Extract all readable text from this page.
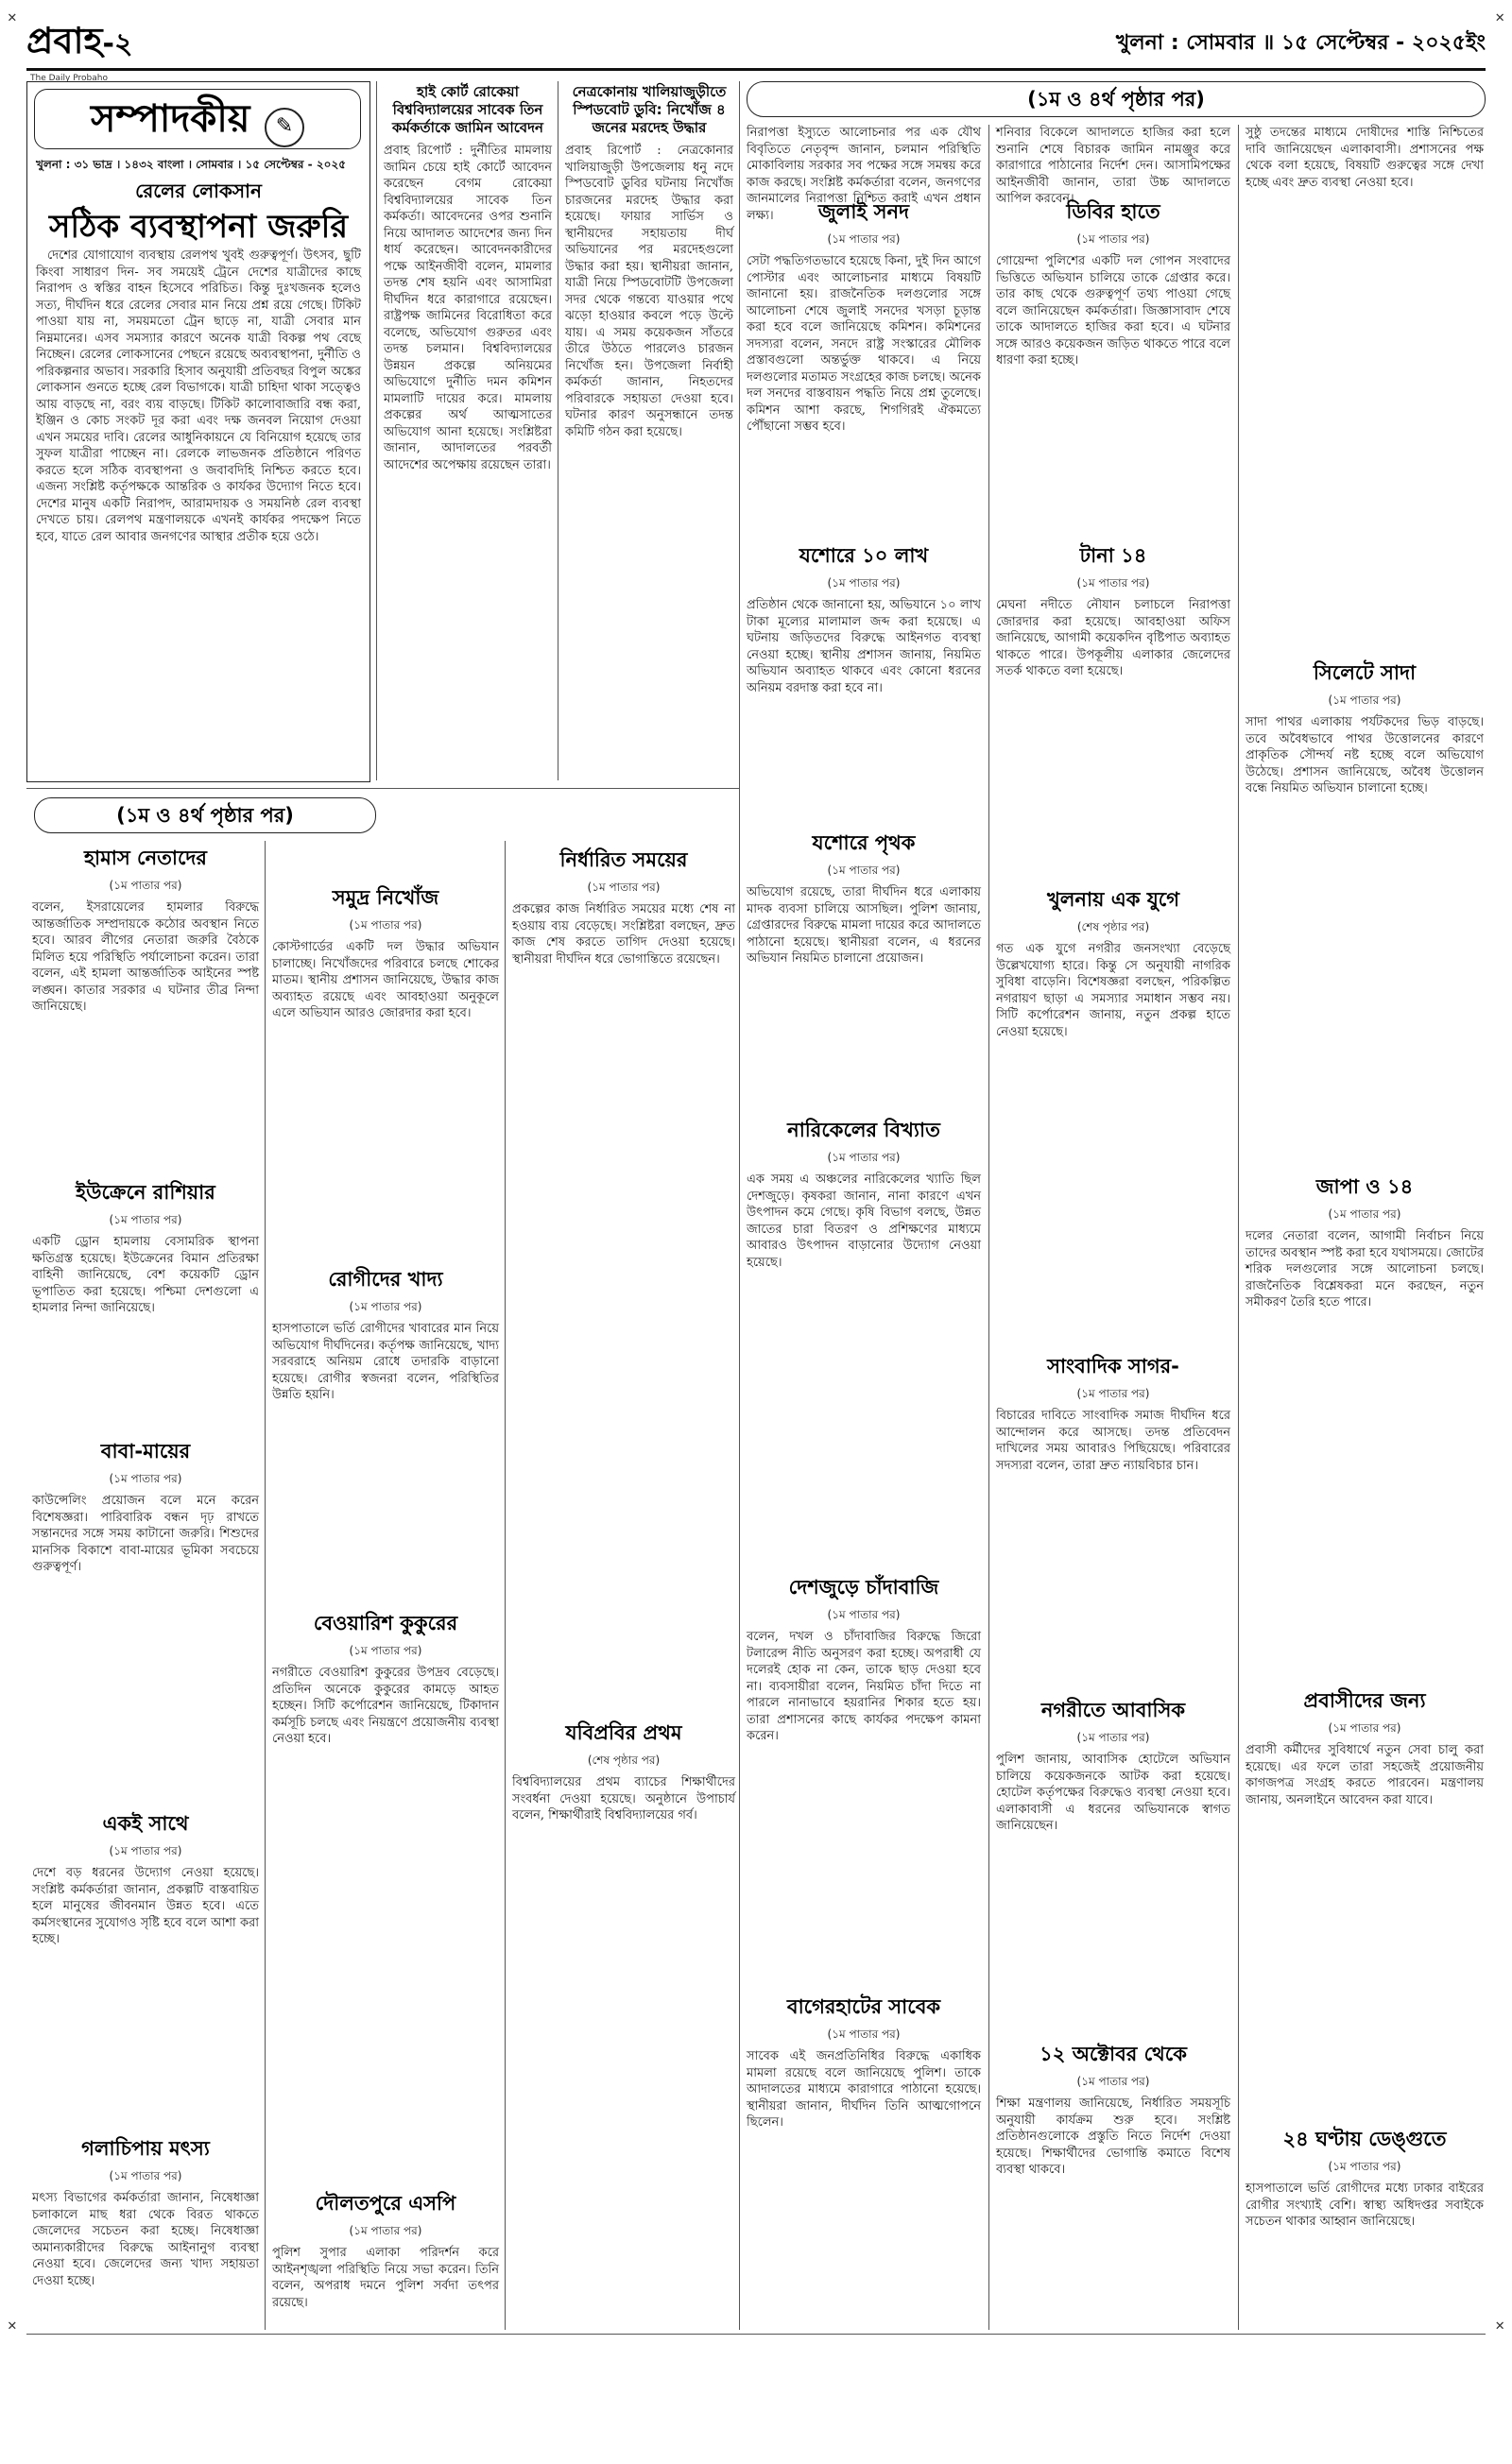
✕	✕
✕	✕
প্রবাহ-২
The Daily Probaho
খুলনা : সোমবার ॥ ১৫ সেপ্টেম্বর - ২০২৫ইং
সম্পাদকীয় ✎
খুলনা : ৩১ ভাদ্র । ১৪৩২ বাংলা । সোমবার । ১৫ সেপ্টেম্বর - ২০২৫
রেলের লোকসান
সঠিক ব্যবস্থাপনা জরুরি
দেশের যোগাযোগ ব্যবস্থায় রেলপথ খুবই গুরুত্বপূর্ণ। উৎসব, ছুটি কিংবা সাধারণ দিন- সব সময়েই ট্রেনে দেশের যাত্রীদের কাছে নিরাপদ ও স্বস্তির বাহন হিসেবে পরিচিত। কিন্তু দুঃখজনক হলেও সত্য, দীর্ঘদিন ধরে রেলের সেবার মান নিয়ে প্রশ্ন রয়ে গেছে। টিকিট পাওয়া যায় না, সময়মতো ট্রেন ছাড়ে না, যাত্রী সেবার মান নিম্নমানের। এসব সমস্যার কারণে অনেক যাত্রী বিকল্প পথ বেছে নিচ্ছেন। রেলের লোকসানের পেছনে রয়েছে অব্যবস্থাপনা, দুর্নীতি ও পরিকল্পনার অভাব। সরকারি হিসাব অনুযায়ী প্রতিবছর বিপুল অঙ্কের লোকসান গুনতে হচ্ছে রেল বিভাগকে। যাত্রী চাহিদা থাকা সত্ত্বেও আয় বাড়ছে না, বরং ব্যয় বাড়ছে। টিকিট কালোবাজারি বন্ধ করা, ইঞ্জিন ও কোচ সংকট দূর করা এবং দক্ষ জনবল নিয়োগ দেওয়া এখন সময়ের দাবি। রেলের আধুনিকায়নে যে বিনিয়োগ হয়েছে তার সুফল যাত্রীরা পাচ্ছেন না। রেলকে লাভজনক প্রতিষ্ঠানে পরিণত করতে হলে সঠিক ব্যবস্থাপনা ও জবাবদিহি নিশ্চিত করতে হবে। এজন্য সংশ্লিষ্ট কর্তৃপক্ষকে আন্তরিক ও কার্যকর উদ্যোগ নিতে হবে। দেশের মানুষ একটি নিরাপদ, আরামদায়ক ও সময়নিষ্ঠ রেল ব্যবস্থা দেখতে চায়। রেলপথ মন্ত্রণালয়কে এখনই কার্যকর পদক্ষেপ নিতে হবে, যাতে রেল আবার জনগণের আস্থার প্রতীক হয়ে ওঠে।
হাই কোর্ট রোকেয়া বিশ্ববিদ্যালয়ের সাবেক তিন কর্মকর্তাকে জামিন আবেদন
প্রবাহ রিপোর্ট : দুর্নীতির মামলায় জামিন চেয়ে হাই কোর্টে আবেদন করেছেন বেগম রোকেয়া বিশ্ববিদ্যালয়ের সাবেক তিন কর্মকর্তা। আবেদনের ওপর শুনানি নিয়ে আদালত আদেশের জন্য দিন ধার্য করেছেন। আবেদনকারীদের পক্ষে আইনজীবী বলেন, মামলার তদন্ত শেষ হয়নি এবং আসামিরা দীর্ঘদিন ধরে কারাগারে রয়েছেন। রাষ্ট্রপক্ষ জামিনের বিরোধিতা করে বলেছে, অভিযোগ গুরুতর এবং তদন্ত চলমান। বিশ্ববিদ্যালয়ের উন্নয়ন প্রকল্পে অনিয়মের অভিযোগে দুর্নীতি দমন কমিশন মামলাটি দায়ের করে। মামলায় প্রকল্পের অর্থ আত্মসাতের অভিযোগ আনা হয়েছে। সংশ্লিষ্টরা জানান, আদালতের পরবর্তী আদেশের অপেক্ষায় রয়েছেন তারা।
নেত্রকোনায় খালিয়াজুড়ীতে স্পিডবোট ডুবি: নিখোঁজ ৪ জনের মরদেহ উদ্ধার
প্রবাহ রিপোর্ট : নেত্রকোনার খালিয়াজুড়ী উপজেলায় ধনু নদে স্পিডবোট ডুবির ঘটনায় নিখোঁজ চারজনের মরদেহ উদ্ধার করা হয়েছে। ফায়ার সার্ভিস ও স্থানীয়দের সহায়তায় দীর্ঘ অভিযানের পর মরদেহগুলো উদ্ধার করা হয়। স্থানীয়রা জানান, যাত্রী নিয়ে স্পিডবোটটি উপজেলা সদর থেকে গন্তব্যে যাওয়ার পথে ঝড়ো হাওয়ার কবলে পড়ে উল্টে যায়। এ সময় কয়েকজন সাঁতরে তীরে উঠতে পারলেও চারজন নিখোঁজ হন। উপজেলা নির্বাহী কর্মকর্তা জানান, নিহতদের পরিবারকে সহায়তা দেওয়া হবে। ঘটনার কারণ অনুসন্ধানে তদন্ত কমিটি গঠন করা হয়েছে।
(১ম ও ৪র্থ পৃষ্ঠার পর)
নিরাপত্তা ইস্যুতে আলোচনার পর এক যৌথ বিবৃতিতে নেতৃবৃন্দ জানান, চলমান পরিস্থিতি মোকাবিলায় সরকার সব পক্ষের সঙ্গে সমন্বয় করে কাজ করছে। সংশ্লিষ্ট কর্মকর্তারা বলেন, জনগণের জানমালের নিরাপত্তা নিশ্চিত করাই এখন প্রধান লক্ষ্য।	জুলাই সনদ
(১ম পাতার পর)
সেটা পদ্ধতিগতভাবে হয়েছে কিনা, দুই দিন আগে পোস্টার এবং আলোচনার মাধ্যমে বিষয়টি জানানো হয়। রাজনৈতিক দলগুলোর সঙ্গে আলোচনা শেষে জুলাই সনদের খসড়া চূড়ান্ত করা হবে বলে জানিয়েছে কমিশন। কমিশনের সদস্যরা বলেন, সনদে রাষ্ট্র সংস্কারের মৌলিক প্রস্তাবগুলো অন্তর্ভুক্ত থাকবে। এ নিয়ে দলগুলোর মতামত সংগ্রহের কাজ চলছে। অনেক দল সনদের বাস্তবায়ন পদ্ধতি নিয়ে প্রশ্ন তুলেছে। কমিশন আশা করছে, শিগগিরই ঐকমত্যে পৌঁছানো সম্ভব হবে।
যশোরে ১০ লাখ
(১ম পাতার পর)
প্রতিষ্ঠান থেকে জানানো হয়, অভিযানে ১০ লাখ টাকা মূল্যের মালামাল জব্দ করা হয়েছে। এ ঘটনায় জড়িতদের বিরুদ্ধে আইনগত ব্যবস্থা নেওয়া হচ্ছে। স্থানীয় প্রশাসন জানায়, নিয়মিত অভিযান অব্যাহত থাকবে এবং কোনো ধরনের অনিয়ম বরদাস্ত করা হবে না।
যশোরে পৃথক
(১ম পাতার পর)
অভিযোগ রয়েছে, তারা দীর্ঘদিন ধরে এলাকায় মাদক ব্যবসা চালিয়ে আসছিল। পুলিশ জানায়, গ্রেপ্তারদের বিরুদ্ধে মামলা দায়ের করে আদালতে পাঠানো হয়েছে। স্থানীয়রা বলেন, এ ধরনের অভিযান নিয়মিত চালানো প্রয়োজন।
নারিকেলের বিখ্যাত
(১ম পাতার পর)
এক সময় এ অঞ্চলের নারিকেলের খ্যাতি ছিল দেশজুড়ে। কৃষকরা জানান, নানা কারণে এখন উৎপাদন কমে গেছে। কৃষি বিভাগ বলছে, উন্নত জাতের চারা বিতরণ ও প্রশিক্ষণের মাধ্যমে আবারও উৎপাদন বাড়ানোর উদ্যোগ নেওয়া হয়েছে।
দেশজুড়ে চাঁদাবাজি
(১ম পাতার পর)
বলেন, দখল ও চাঁদাবাজির বিরুদ্ধে জিরো টলারেন্স নীতি অনুসরণ করা হচ্ছে। অপরাধী যে দলেরই হোক না কেন, তাকে ছাড় দেওয়া হবে না। ব্যবসায়ীরা বলেন, নিয়মিত চাঁদা দিতে না পারলে নানাভাবে হয়রানির শিকার হতে হয়। তারা প্রশাসনের কাছে কার্যকর পদক্ষেপ কামনা করেন।
বাগেরহাটের সাবেক
(১ম পাতার পর)
সাবেক এই জনপ্রতিনিধির বিরুদ্ধে একাধিক মামলা রয়েছে বলে জানিয়েছে পুলিশ। তাকে আদালতের মাধ্যমে কারাগারে পাঠানো হয়েছে। স্থানীয়রা জানান, দীর্ঘদিন তিনি আত্মগোপনে ছিলেন।
শনিবার বিকেলে আদালতে হাজির করা হলে শুনানি শেষে বিচারক জামিন নামঞ্জুর করে কারাগারে পাঠানোর নির্দেশ দেন। আসামিপক্ষের আইনজীবী জানান, তারা উচ্চ আদালতে আপিল করবেন।
ডিবির হাতে
(১ম পাতার পর)
গোয়েন্দা পুলিশের একটি দল গোপন সংবাদের ভিত্তিতে অভিযান চালিয়ে তাকে গ্রেপ্তার করে। তার কাছ থেকে গুরুত্বপূর্ণ তথ্য পাওয়া গেছে বলে জানিয়েছেন কর্মকর্তারা। জিজ্ঞাসাবাদ শেষে তাকে আদালতে হাজির করা হবে। এ ঘটনার সঙ্গে আরও কয়েকজন জড়িত থাকতে পারে বলে ধারণা করা হচ্ছে।
টানা ১৪
(১ম পাতার পর)
মেঘনা নদীতে নৌযান চলাচলে নিরাপত্তা জোরদার করা হয়েছে। আবহাওয়া অফিস জানিয়েছে, আগামী কয়েকদিন বৃষ্টিপাত অব্যাহত থাকতে পারে। উপকূলীয় এলাকার জেলেদের সতর্ক থাকতে বলা হয়েছে।
খুলনায় এক যুগে
(শেষ পৃষ্ঠার পর)
গত এক যুগে নগরীর জনসংখ্যা বেড়েছে উল্লেখযোগ্য হারে। কিন্তু সে অনুযায়ী নাগরিক সুবিধা বাড়েনি। বিশেষজ্ঞরা বলছেন, পরিকল্পিত নগরায়ণ ছাড়া এ সমস্যার সমাধান সম্ভব নয়। সিটি কর্পোরেশন জানায়, নতুন প্রকল্প হাতে নেওয়া হয়েছে।
সাংবাদিক সাগর-
(১ম পাতার পর)
বিচারের দাবিতে সাংবাদিক সমাজ দীর্ঘদিন ধরে আন্দোলন করে আসছে। তদন্ত প্রতিবেদন দাখিলের সময় আবারও পিছিয়েছে। পরিবারের সদস্যরা বলেন, তারা দ্রুত ন্যায়বিচার চান।
নগরীতে আবাসিক
(১ম পাতার পর)
পুলিশ জানায়, আবাসিক হোটেলে অভিযান চালিয়ে কয়েকজনকে আটক করা হয়েছে। হোটেল কর্তৃপক্ষের বিরুদ্ধেও ব্যবস্থা নেওয়া হবে। এলাকাবাসী এ ধরনের অভিযানকে স্বাগত জানিয়েছেন।
১২ অক্টোবর থেকে
(১ম পাতার পর)
শিক্ষা মন্ত্রণালয় জানিয়েছে, নির্ধারিত সময়সূচি অনুযায়ী কার্যক্রম শুরু হবে। সংশ্লিষ্ট প্রতিষ্ঠানগুলোকে প্রস্তুতি নিতে নির্দেশ দেওয়া হয়েছে। শিক্ষার্থীদের ভোগান্তি কমাতে বিশেষ ব্যবস্থা থাকবে।
সুষ্ঠু তদন্তের মাধ্যমে দোষীদের শাস্তি নিশ্চিতের দাবি জানিয়েছেন এলাকাবাসী। প্রশাসনের পক্ষ থেকে বলা হয়েছে, বিষয়টি গুরুত্বের সঙ্গে দেখা হচ্ছে এবং দ্রুত ব্যবস্থা নেওয়া হবে।
সিলেটে সাদা
(১ম পাতার পর)
সাদা পাথর এলাকায় পর্যটকদের ভিড় বাড়ছে। তবে অবৈধভাবে পাথর উত্তোলনের কারণে প্রাকৃতিক সৌন্দর্য নষ্ট হচ্ছে বলে অভিযোগ উঠেছে। প্রশাসন জানিয়েছে, অবৈধ উত্তোলন বন্ধে নিয়মিত অভিযান চালানো হচ্ছে।
জাপা ও ১৪
(১ম পাতার পর)
দলের নেতারা বলেন, আগামী নির্বাচন নিয়ে তাদের অবস্থান স্পষ্ট করা হবে যথাসময়ে। জোটের শরিক দলগুলোর সঙ্গে আলোচনা চলছে। রাজনৈতিক বিশ্লেষকরা মনে করছেন, নতুন সমীকরণ তৈরি হতে পারে।
প্রবাসীদের জন্য
(১ম পাতার পর)
প্রবাসী কর্মীদের সুবিধার্থে নতুন সেবা চালু করা হয়েছে। এর ফলে তারা সহজেই প্রয়োজনীয় কাগজপত্র সংগ্রহ করতে পারবেন। মন্ত্রণালয় জানায়, অনলাইনে আবেদন করা যাবে।
২৪ ঘণ্টায় ডেঙ্গুতে
(১ম পাতার পর)
হাসপাতালে ভর্তি রোগীদের মধ্যে ঢাকার বাইরের রোগীর সংখ্যাই বেশি। স্বাস্থ্য অধিদপ্তর সবাইকে সচেতন থাকার আহ্বান জানিয়েছে।
(১ম ও ৪র্থ পৃষ্ঠার পর)
হামাস নেতাদের
(১ম পাতার পর)
বলেন, ইসরায়েলের হামলার বিরুদ্ধে আন্তর্জাতিক সম্প্রদায়কে কঠোর অবস্থান নিতে হবে। আরব লীগের নেতারা জরুরি বৈঠকে মিলিত হয়ে পরিস্থিতি পর্যালোচনা করেন। তারা বলেন, এই হামলা আন্তর্জাতিক আইনের স্পষ্ট লঙ্ঘন। কাতার সরকার এ ঘটনার তীব্র নিন্দা জানিয়েছে।
ইউক্রেনে রাশিয়ার
(১ম পাতার পর)
একটি ড্রোন হামলায় বেসামরিক স্থাপনা ক্ষতিগ্রস্ত হয়েছে। ইউক্রেনের বিমান প্রতিরক্ষা বাহিনী জানিয়েছে, বেশ কয়েকটি ড্রোন ভূপাতিত করা হয়েছে। পশ্চিমা দেশগুলো এ হামলার নিন্দা জানিয়েছে।
বাবা-মায়ের
(১ম পাতার পর)
কাউন্সেলিং প্রয়োজন বলে মনে করেন বিশেষজ্ঞরা। পারিবারিক বন্ধন দৃঢ় রাখতে সন্তানদের সঙ্গে সময় কাটানো জরুরি। শিশুদের মানসিক বিকাশে বাবা-মায়ের ভূমিকা সবচেয়ে গুরুত্বপূর্ণ।
একই সাথে
(১ম পাতার পর)
দেশে বড় ধরনের উদ্যোগ নেওয়া হয়েছে। সংশ্লিষ্ট কর্মকর্তারা জানান, প্রকল্পটি বাস্তবায়িত হলে মানুষের জীবনমান উন্নত হবে। এতে কর্মসংস্থানের সুযোগও সৃষ্টি হবে বলে আশা করা হচ্ছে।
গলাচিপায় মৎস্য
(১ম পাতার পর)
মৎস্য বিভাগের কর্মকর্তারা জানান, নিষেধাজ্ঞা চলাকালে মাছ ধরা থেকে বিরত থাকতে জেলেদের সচেতন করা হচ্ছে। নিষেধাজ্ঞা অমান্যকারীদের বিরুদ্ধে আইনানুগ ব্যবস্থা নেওয়া হবে। জেলেদের জন্য খাদ্য সহায়তা দেওয়া হচ্ছে।
সমুদ্র নিখোঁজ
(১ম পাতার পর)
কোস্টগার্ডের একটি দল উদ্ধার অভিযান চালাচ্ছে। নিখোঁজদের পরিবারে চলছে শোকের মাতম। স্থানীয় প্রশাসন জানিয়েছে, উদ্ধার কাজ অব্যাহত রয়েছে এবং আবহাওয়া অনুকূলে এলে অভিযান আরও জোরদার করা হবে।
রোগীদের খাদ্য
(১ম পাতার পর)
হাসপাতালে ভর্তি রোগীদের খাবারের মান নিয়ে অভিযোগ দীর্ঘদিনের। কর্তৃপক্ষ জানিয়েছে, খাদ্য সরবরাহে অনিয়ম রোধে তদারকি বাড়ানো হয়েছে। রোগীর স্বজনরা বলেন, পরিস্থিতির উন্নতি হয়নি।
বেওয়ারিশ কুকুরের
(১ম পাতার পর)
নগরীতে বেওয়ারিশ কুকুরের উপদ্রব বেড়েছে। প্রতিদিন অনেকে কুকুরের কামড়ে আহত হচ্ছেন। সিটি কর্পোরেশন জানিয়েছে, টিকাদান কর্মসূচি চলছে এবং নিয়ন্ত্রণে প্রয়োজনীয় ব্যবস্থা নেওয়া হবে।
দৌলতপুরে এসপি
(১ম পাতার পর)
পুলিশ সুপার এলাকা পরিদর্শন করে আইনশৃঙ্খলা পরিস্থিতি নিয়ে সভা করেন। তিনি বলেন, অপরাধ দমনে পুলিশ সর্বদা তৎপর রয়েছে।
নির্ধারিত সময়ের
(১ম পাতার পর)
প্রকল্পের কাজ নির্ধারিত সময়ের মধ্যে শেষ না হওয়ায় ব্যয় বেড়েছে। সংশ্লিষ্টরা বলছেন, দ্রুত কাজ শেষ করতে তাগিদ দেওয়া হয়েছে। স্থানীয়রা দীর্ঘদিন ধরে ভোগান্তিতে রয়েছেন।
যবিপ্রবির প্রথম
(শেষ পৃষ্ঠার পর)
বিশ্ববিদ্যালয়ের প্রথম ব্যাচের শিক্ষার্থীদের সংবর্ধনা দেওয়া হয়েছে। অনুষ্ঠানে উপাচার্য বলেন, শিক্ষার্থীরাই বিশ্ববিদ্যালয়ের গর্ব।
